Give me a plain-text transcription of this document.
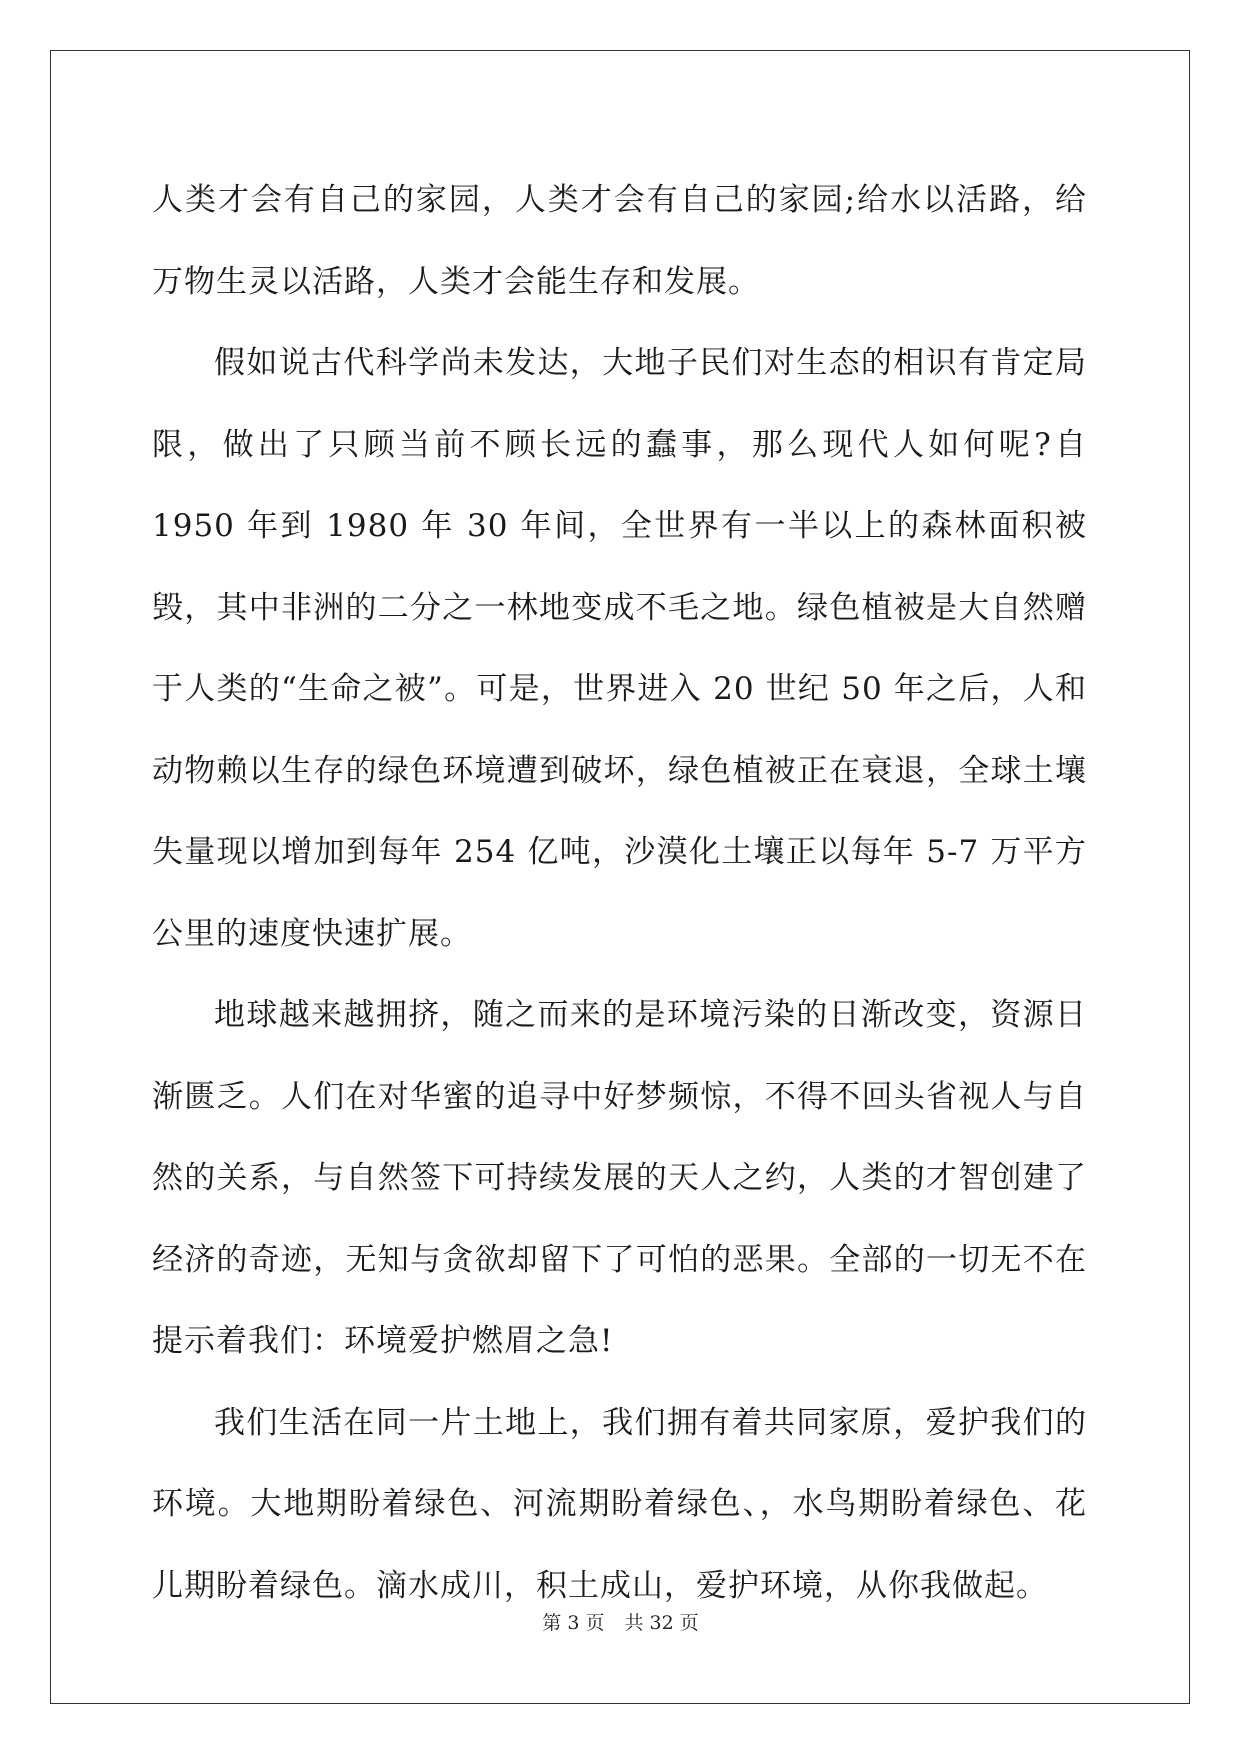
人类才会有自己的家园，人类才会有自己的家园;给水以活路，给万物生灵以活路，人类才会能生存和发展。

假如说古代科学尚未发达，大地子民们对生态的相识有肯定局限，做出了只顾当前不顾长远的蠢事，那么现代人如何呢?自 1950 年到 1980 年 30 年间，全世界有一半以上的森林面积被毁，其中非洲的二分之一林地变成不毛之地。绿色植被是大自然赠于人类的“生命之被”。可是，世界进入 20 世纪 50 年之后，人和动物赖以生存的绿色环境遭到破坏，绿色植被正在衰退，全球土壤失量现以增加到每年 254 亿吨，沙漠化土壤正以每年 5-7 万平方公里的速度快速扩展。

地球越来越拥挤，随之而来的是环境污染的日渐改变，资源日渐匮乏。人们在对华蜜的追寻中好梦频惊，不得不回头省视人与自然的关系，与自然签下可持续发展的天人之约，人类的才智创建了经济的奇迹，无知与贪欲却留下了可怕的恶果。全部的一切无不在提示着我们：环境爱护燃眉之急!

我们生活在同一片土地上，我们拥有着共同家原，爱护我们的环境。大地期盼着绿色、河流期盼着绿色、，水鸟期盼着绿色、花儿期盼着绿色。滴水成川，积土成山，爱护环境，从你我做起。

第 3 页 共 32 页
